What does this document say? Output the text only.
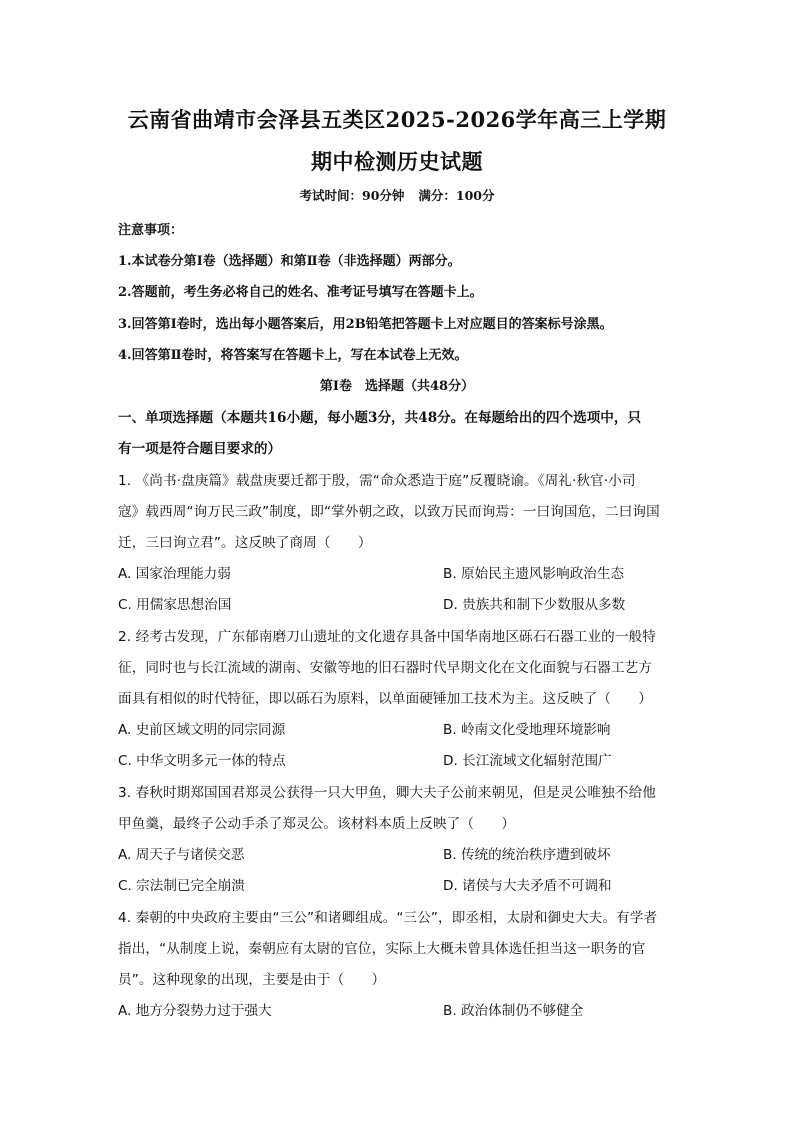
云南省曲靖市会泽县五类区2025-2026学年高三上学期
期中检测历史试题
考试时间：90分钟 满分：100分
注意事项：
1.本试卷分第Ⅰ卷（选择题）和第Ⅱ卷（非选择题）两部分。
2.答题前，考生务必将自己的姓名、准考证号填写在答题卡上。
3.回答第Ⅰ卷时，选出每小题答案后，用2B铅笔把答题卡上对应题目的答案标号涂黑。
4.回答第Ⅱ卷时，将答案写在答题卡上，写在本试卷上无效。
第Ⅰ卷　选择题（共48分）
一、单项选择题（本题共16小题，每小题3分，共48分。在每题给出的四个选项中，只
有一项是符合题目要求的）
1. 《尚书·盘庚篇》载盘庚要迁都于殷，需“命众悉造于庭”反覆晓谕。《周礼·秋官·小司
寇》载西周“询万民三政”制度，即“掌外朝之政，以致万民而询焉：一曰询国危，二曰询国
迁，三曰询立君”。这反映了商周（　　）
A. 国家治理能力弱	B. 原始民主遗风影响政治生态
C. 用儒家思想治国	D. 贵族共和制下少数服从多数
2. 经考古发现，广东郁南磨刀山遗址的文化遗存具备中国华南地区砾石石器工业的一般特
征，同时也与长江流域的湖南、安徽等地的旧石器时代早期文化在文化面貌与石器工艺方
面具有相似的时代特征，即以砾石为原料，以单面硬锤加工技术为主。这反映了（　　）
A. 史前区域文明的同宗同源	B. 岭南文化受地理环境影响
C. 中华文明多元一体的特点	D. 长江流域文化辐射范围广
3. 春秋时期郑国国君郑灵公获得一只大甲鱼，卿大夫子公前来朝见，但是灵公唯独不给他
甲鱼羹，最终子公动手杀了郑灵公。该材料本质上反映了（　　）
A. 周天子与诸侯交恶	B. 传统的统治秩序遭到破坏
C. 宗法制已完全崩溃	D. 诸侯与大夫矛盾不可调和
4. 秦朝的中央政府主要由“三公”和诸卿组成。“三公”，即丞相，太尉和御史大夫。有学者
指出，“从制度上说，秦朝应有太尉的官位，实际上大概未曾具体选任担当这一职务的官
员”。这种现象的出现，主要是由于（　　）
A. 地方分裂势力过于强大	B. 政治体制仍不够健全
